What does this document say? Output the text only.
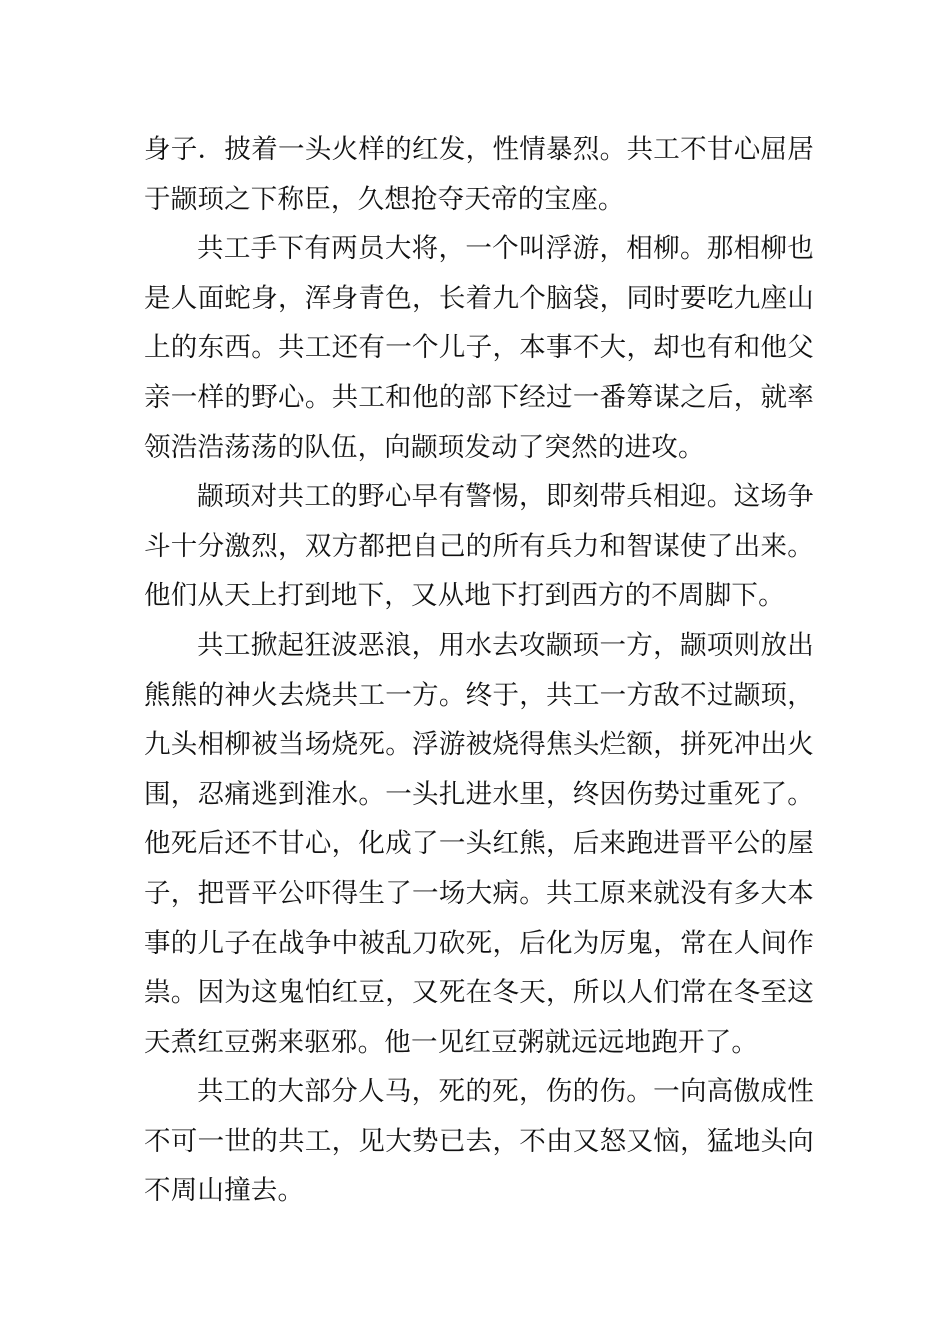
身子．披着一头火样的红发，性情暴烈。共工不甘心屈居于颛顼之下称臣，久想抢夺天帝的宝座。

共工手下有两员大将，一个叫浮游，相柳。那相柳也是人面蛇身，浑身青色，长着九个脑袋，同时要吃九座山上的东西。共工还有一个儿子，本事不大，却也有和他父亲一样的野心。共工和他的部下经过一番筹谋之后，就率领浩浩荡荡的队伍，向颛顼发动了突然的进攻。

颛顼对共工的野心早有警惕，即刻带兵相迎。这场争斗十分激烈，双方都把自己的所有兵力和智谋使了出来。他们从天上打到地下，又从地下打到西方的不周脚下。

共工掀起狂波恶浪，用水去攻颛顼一方，颛项则放出熊熊的神火去烧共工一方。终于，共工一方敌不过颛顼，九头相柳被当场烧死。浮游被烧得焦头烂额，拼死冲出火围，忍痛逃到淮水。一头扎进水里，终因伤势过重死了。他死后还不甘心，化成了一头红熊，后来跑进晋平公的屋子，把晋平公吓得生了一场大病。共工原来就没有多大本事的儿子在战争中被乱刀砍死，后化为厉鬼，常在人间作祟。因为这鬼怕红豆，又死在冬天，所以人们常在冬至这天煮红豆粥来驱邪。他一见红豆粥就远远地跑开了。

共工的大部分人马，死的死，伤的伤。一向高傲成性不可一世的共工，见大势已去，不由又怒又恼，猛地头向不周山撞去。
